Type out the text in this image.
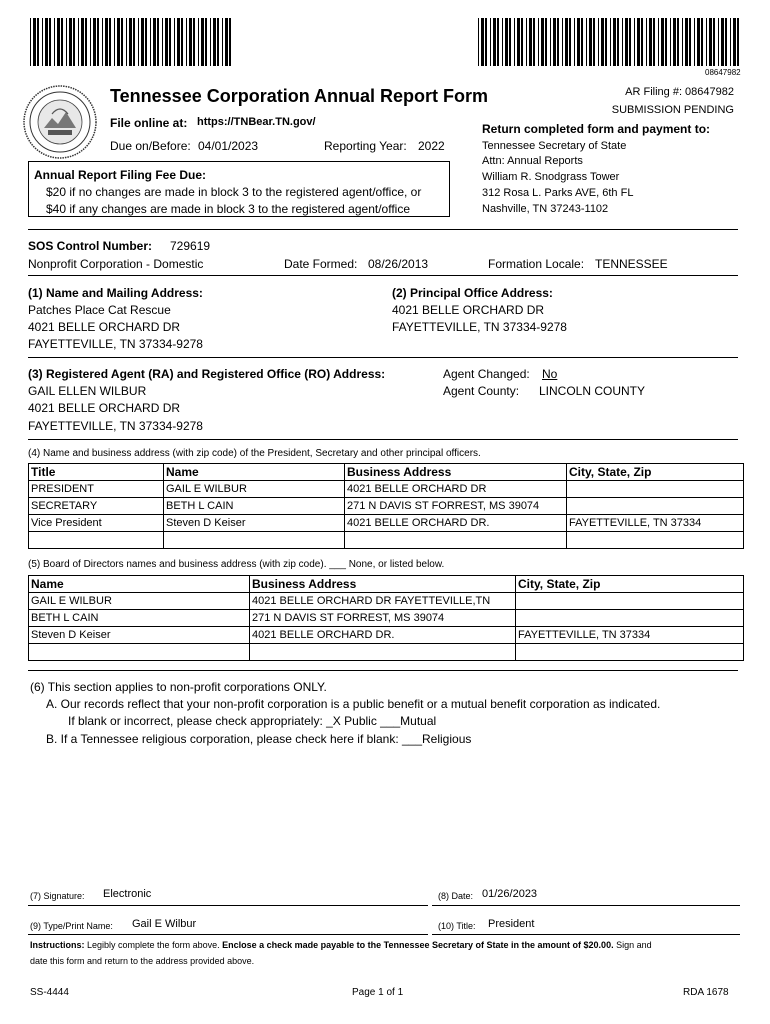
08647982
Tennessee Corporation Annual Report Form
File online at: https://TNBear.TN.gov/
Due on/Before: 04/01/2023	Reporting Year: 2022
AR Filing #: 08647982
SUBMISSION PENDING
Return completed form and payment to:
Tennessee Secretary of State
Attn: Annual Reports
William R. Snodgrass Tower
312 Rosa L. Parks AVE, 6th FL
Nashville, TN 37243-1102
Annual Report Filing Fee Due:
$20 if no changes are made in block 3 to the registered agent/office, or
$40 if any changes are made in block 3 to the registered agent/office
SOS Control Number: 729619
Nonprofit Corporation - Domestic	Date Formed: 08/26/2013	Formation Locale: TENNESSEE
(1) Name and Mailing Address:
Patches Place Cat Rescue
4021 BELLE ORCHARD DR
FAYETTEVILLE, TN 37334-9278
(2) Principal Office Address:
4021 BELLE ORCHARD DR
FAYETTEVILLE, TN 37334-9278
(3) Registered Agent (RA) and Registered Office (RO) Address:
GAIL ELLEN WILBUR
4021 BELLE ORCHARD DR
FAYETTEVILLE, TN 37334-9278
Agent Changed: No
Agent County: LINCOLN COUNTY
(4) Name and business address (with zip code) of the President, Secretary and other principal officers.
Title	Name	Business Address	City, State, Zip
PRESIDENT	GAIL E WILBUR	4021 BELLE ORCHARD DR	
SECRETARY	BETH L CAIN	271 N DAVIS ST FORREST, MS 39074	
Vice President	Steven D Keiser	4021 BELLE ORCHARD DR.	FAYETTEVILLE, TN 37334

(5) Board of Directors names and business address (with zip code). ___ None, or listed below.
Name	Business Address	City, State, Zip
GAIL E WILBUR	4021 BELLE ORCHARD DR FAYETTEVILLE,TN	
BETH L CAIN	271 N DAVIS ST FORREST, MS 39074	
Steven D Keiser	4021 BELLE ORCHARD DR.	FAYETTEVILLE, TN 37334

(6) This section applies to non-profit corporations ONLY.
A. Our records reflect that your non-profit corporation is a public benefit or a mutual benefit corporation as indicated.
If blank or incorrect, please check appropriately: _X Public ___Mutual
B. If a Tennessee religious corporation, please check here if blank: ___Religious
(7) Signature: Electronic	(8) Date: 01/26/2023
(9) Type/Print Name: Gail E Wilbur	(10) Title: President
Instructions: Legibly complete the form above. Enclose a check made payable to the Tennessee Secretary of State in the amount of $20.00. Sign and
date this form and return to the address provided above.
SS-4444	Page 1 of 1	RDA 1678
